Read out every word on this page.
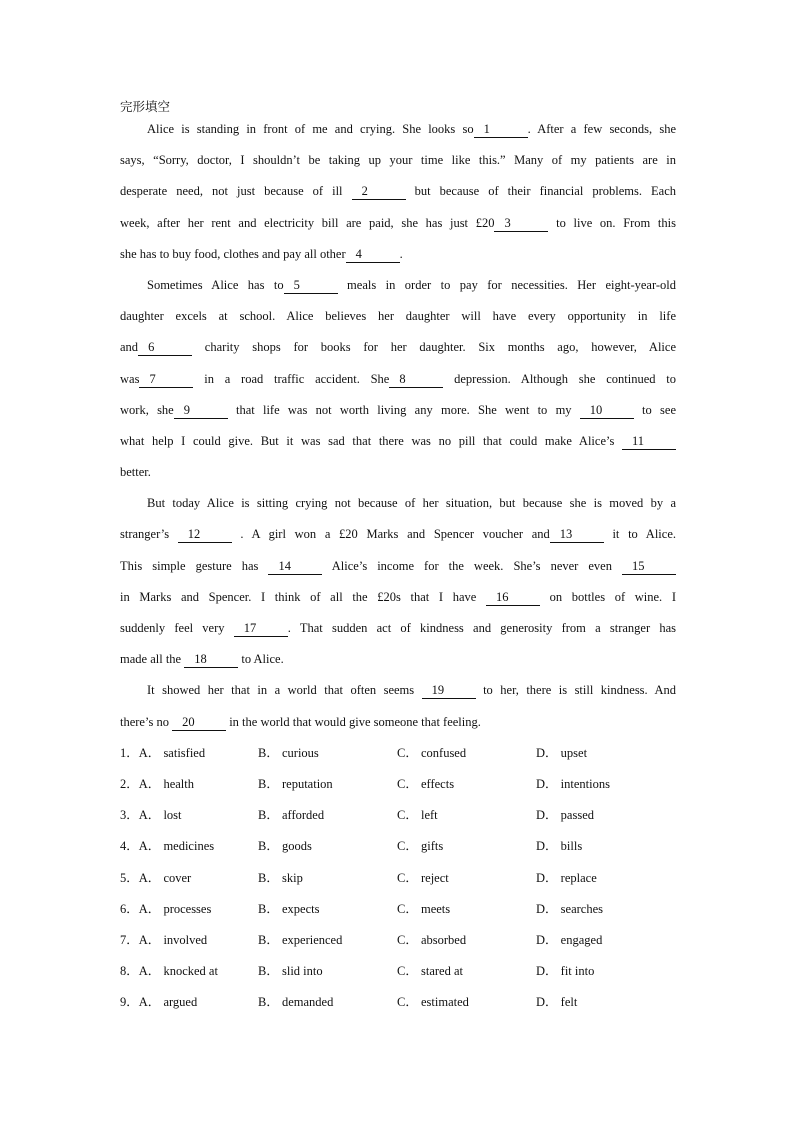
完形填空
Alice is standing in front of me and crying. She looks so 1	. After a few seconds, she
says, “Sorry, doctor, I shouldn’t be taking up your time like this.” Many of my patients are in
desperate need, not just because of ill 2	but because of their financial problems. Each
week, after her rent and electricity bill are paid, she has just £20 3	to live on. From this
she has to buy food, clothes and pay all other 4	.
Sometimes Alice has to 5	meals in order to pay for necessities. Her eight-year-old
daughter excels at school. Alice believes her daughter will have every opportunity in life
and 6	charity shops for books for her daughter. Six months ago, however, Alice
was 7	in a road traffic accident. She 8	depression. Although she continued to
work, she 9	that life was not worth living any more. She went to my 10	to see
what help I could give. But it was sad that there was no pill that could make Alice’s 11
better.
But today Alice is sitting crying not because of her situation, but because she is moved by a
stranger’s 12	. A girl won a £20 Marks and Spencer voucher and 13	it to Alice.
This simple gesture has 14	Alice’s income for the week. She’s never even 15
in Marks and Spencer. I think of all the £20s that I have 16	on bottles of wine. I
suddenly feel very 17	. That sudden act of kindness and generosity from a stranger has
made all the 18	to Alice.
It showed her that in a world that often seems 19	to her, there is still kindness. And
there’s no 20	in the world that would give someone that feeling.
1．A． satisfied	B． curious	C． confused	D． upset
2．A． health	B． reputation	C． effects	D． intentions
3．A． lost	B． afforded	C． left	D． passed
4．A． medicines	B． goods	C． gifts	D． bills
5．A． cover	B． skip	C． reject	D． replace
6．A． processes	B． expects	C． meets	D． searches
7．A． involved	B． experienced	C． absorbed	D． engaged
8．A． knocked at	B． slid into	C． stared at	D． fit into
9．A． argued	B． demanded	C． estimated	D． felt
